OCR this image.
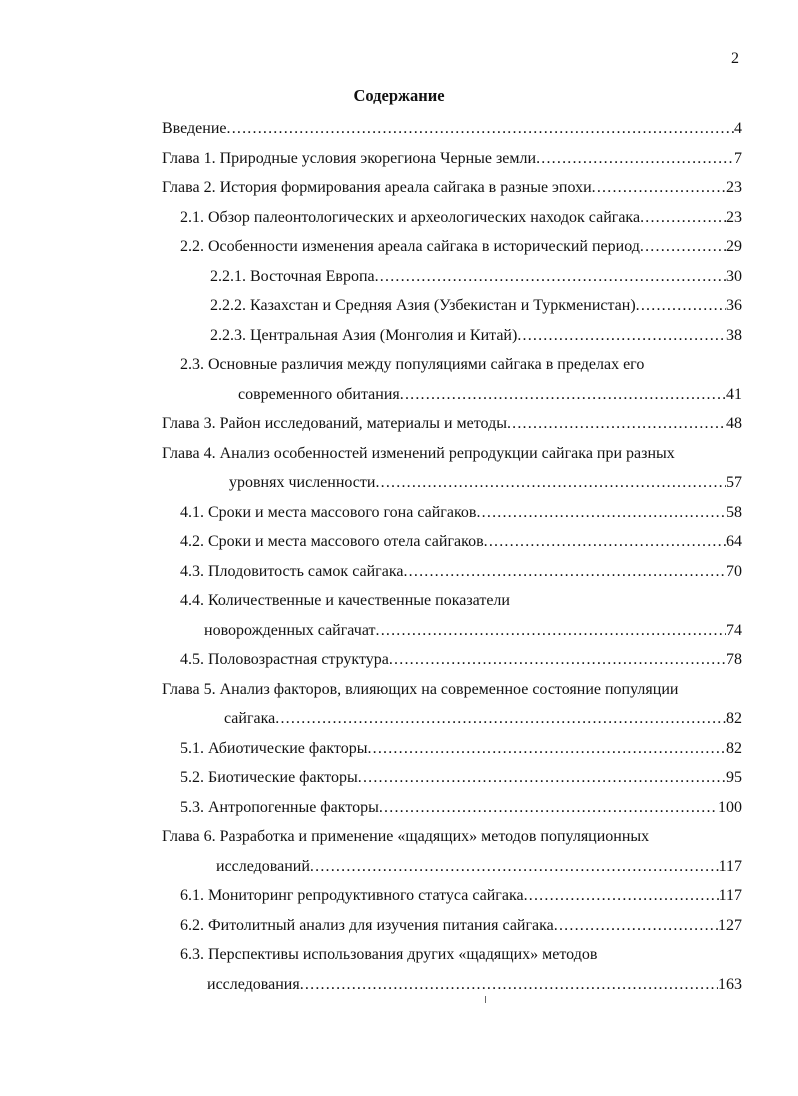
2
Содержание
Введение .....	4
Глава 1. Природные условия экорегиона Черные земли .....	7
Глава 2. История формирования ареала сайгака в разные эпохи .....	23
2.1. Обзор палеонтологических и археологических находок сайгака .....	23
2.2. Особенности изменения ареала сайгака в исторический период .....	29
2.2.1. Восточная Европа .....	30
2.2.2. Казахстан и Средняя Азия (Узбекистан и Туркменистан) .....	36
2.2.3. Центральная Азия (Монголия и Китай) .....	38
2.3. Основные различия между популяциями сайгака в пределах его
современного обитания .....	41
Глава 3. Район исследований, материалы и методы .....	48
Глава 4. Анализ особенностей изменений репродукции сайгака при разных
уровнях численности .....	57
4.1. Сроки и места массового гона сайгаков .....	58
4.2. Сроки и места массового отела сайгаков .....	64
4.3. Плодовитость самок сайгака .....	70
4.4. Количественные и качественные показатели
новорожденных сайгачат .....	74
4.5. Половозрастная структура .....	78
Глава 5. Анализ факторов, влияющих на современное состояние популяции
сайгака .....	82
5.1. Абиотические факторы .....	82
5.2. Биотические факторы .....	95
5.3. Антропогенные факторы .....	100
Глава 6. Разработка и применение «щадящих» методов популяционных
исследований .....	117
6.1. Мониторинг репродуктивного статуса сайгака .....	117
6.2. Фитолитный анализ для изучения питания сайгака .....	127
6.3. Перспективы использования других «щадящих» методов
исследования .....	163
